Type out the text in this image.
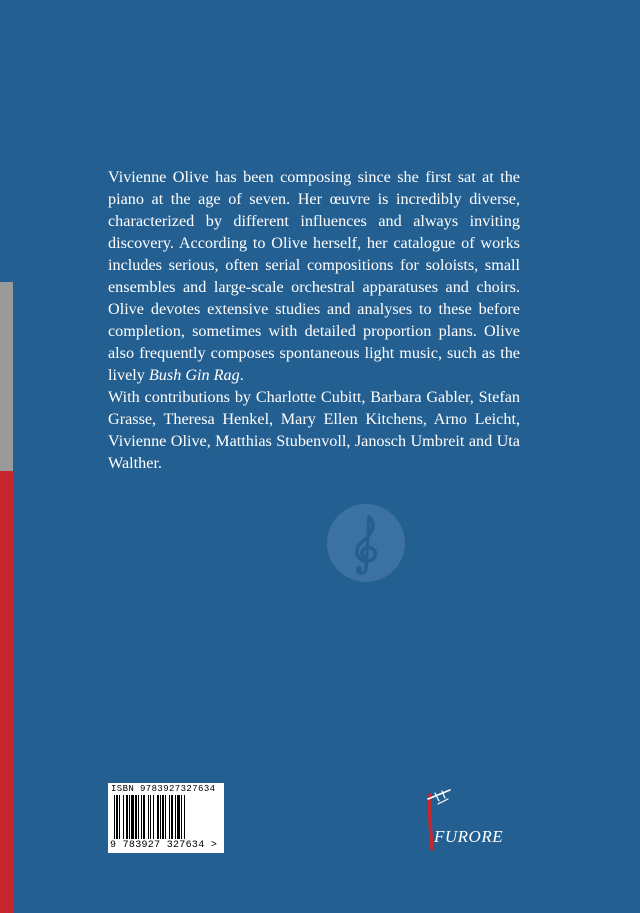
Vivienne Olive has been composing since she first sat at the piano at the age of seven. Her œuvre is incredibly diverse, characterized by different influences and always inviting discovery. According to Olive herself, her catalogue of works includes serious, often serial compositions for soloists, small ensembles and large-scale orchestral apparatuses and choirs. Olive devotes extensive studies and analyses to these before completion, sometimes with detailed proportion plans. Olive also frequently composes spontaneous light music, such as the lively Bush Gin Rag.

With contributions by Charlotte Cubitt, Barbara Gabler, Stefan Grasse, Theresa Henkel, Mary Ellen Kitchens, Arno Leicht, Vivienne Olive, Matthias Stubenvoll, Janosch Umbreit and Uta Walther.

ISBN 9783927327634
9 783927 327634 >	FURORE
